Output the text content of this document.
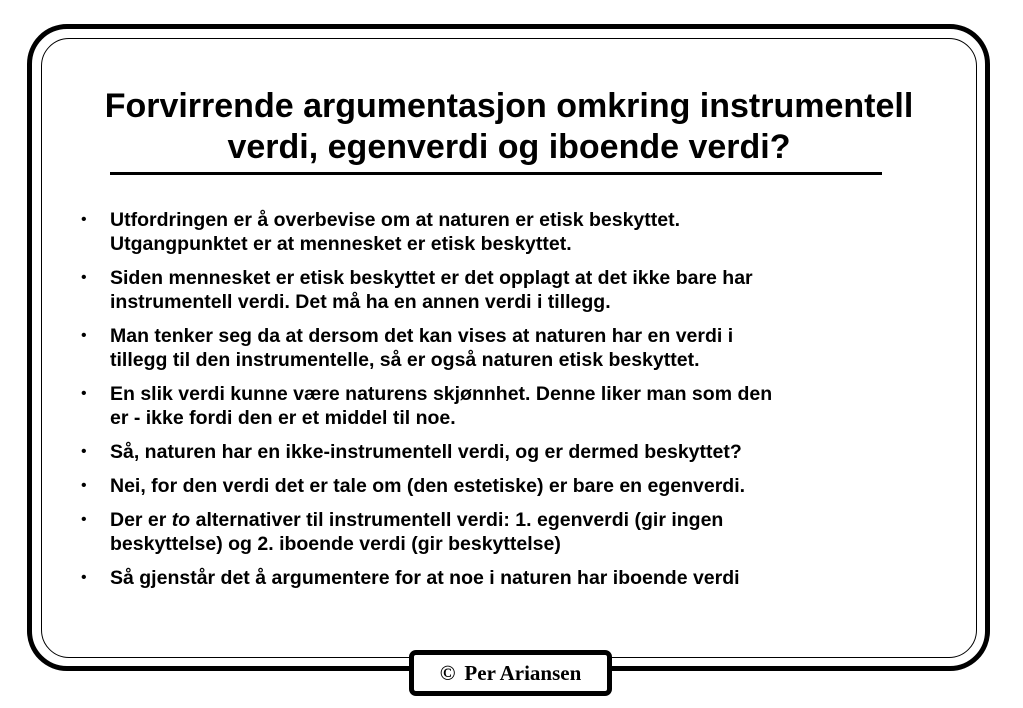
Forvirrende argumentasjon omkring instrumentell
verdi, egenverdi og iboende verdi?
• Utfordringen er å overbevise om at naturen er etisk beskyttet.
Utgangpunktet er at mennesket er etisk beskyttet.
• Siden mennesket er etisk beskyttet er det opplagt at det ikke bare har
instrumentell verdi. Det må ha en annen verdi i tillegg.
• Man tenker seg da at dersom det kan vises at naturen har en verdi i
tillegg til den instrumentelle, så er også naturen etisk beskyttet.
• En slik verdi kunne være naturens skjønnhet. Denne liker man som den
er - ikke fordi den er et middel til noe.
• Så, naturen har en ikke-instrumentell verdi, og er dermed beskyttet?
• Nei, for den verdi det er tale om (den estetiske) er bare en egenverdi.
• Der er to alternativer til instrumentell verdi: 1. egenverdi (gir ingen
beskyttelse) og 2. iboende verdi (gir beskyttelse)
• Så gjenstår det å argumentere for at noe i naturen har iboende verdi
© Per Ariansen
